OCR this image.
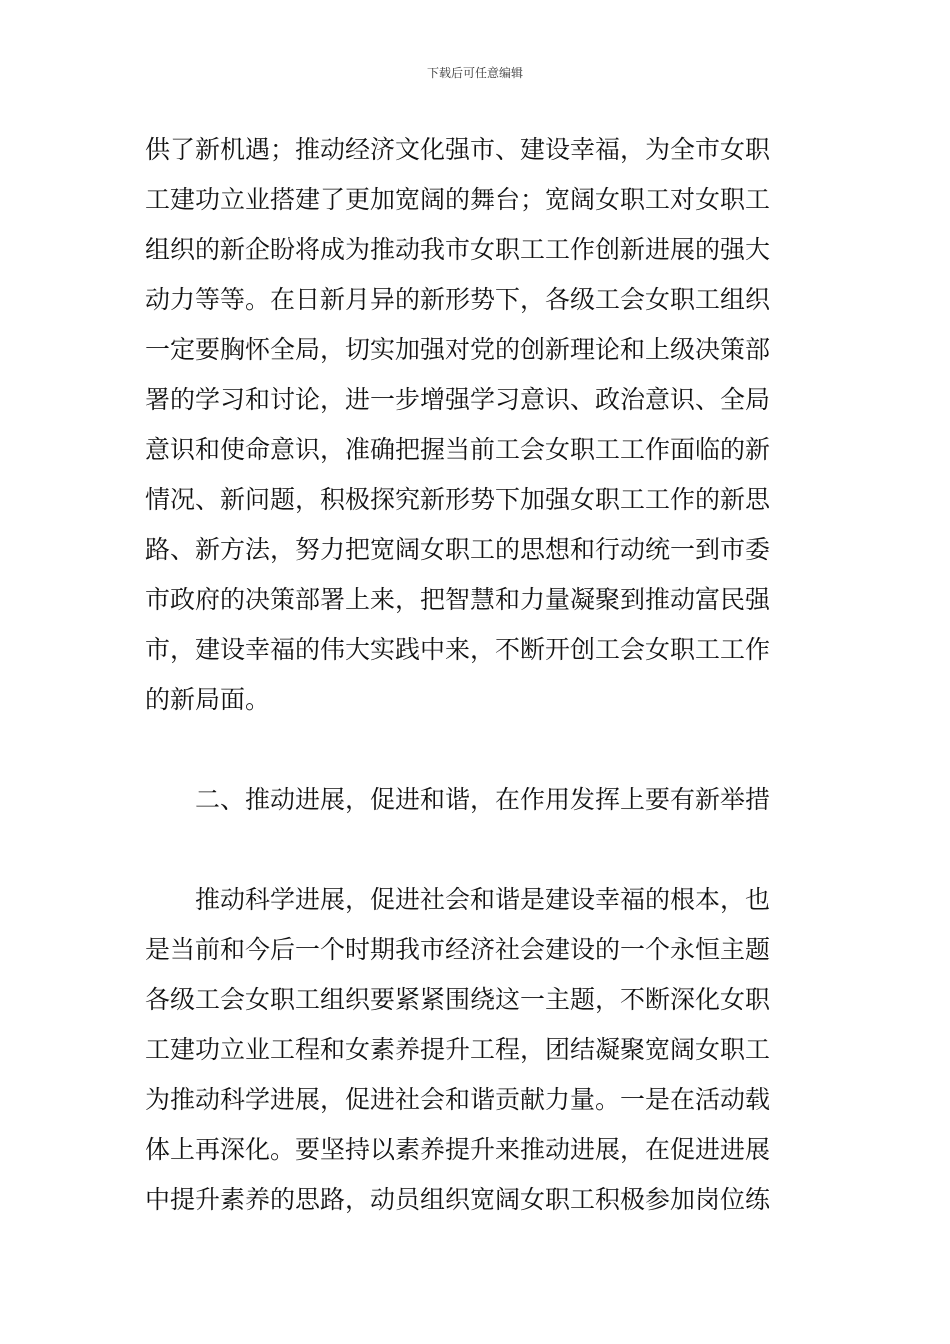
下载后可任意编辑
供了新机遇；推动经济文化强市、建设幸福，为全市女职
工建功立业搭建了更加宽阔的舞台；宽阔女职工对女职工
组织的新企盼将成为推动我市女职工工作创新进展的强大
动力等等。在日新月异的新形势下，各级工会女职工组织
一定要胸怀全局，切实加强对党的创新理论和上级决策部
署的学习和讨论，进一步增强学习意识、政治意识、全局
意识和使命意识，准确把握当前工会女职工工作面临的新
情况、新问题，积极探究新形势下加强女职工工作的新思
路、新方法，努力把宽阔女职工的思想和行动统一到市委
市政府的决策部署上来，把智慧和力量凝聚到推动富民强
市，建设幸福的伟大实践中来，不断开创工会女职工工作
的新局面。
二、推动进展，促进和谐，在作用发挥上要有新举措
推动科学进展，促进社会和谐是建设幸福的根本，也
是当前和今后一个时期我市经济社会建设的一个永恒主题
各级工会女职工组织要紧紧围绕这一主题，不断深化女职
工建功立业工程和女素养提升工程，团结凝聚宽阔女职工
为推动科学进展，促进社会和谐贡献力量。一是在活动载
体上再深化。要坚持以素养提升来推动进展，在促进进展
中提升素养的思路，动员组织宽阔女职工积极参加岗位练
